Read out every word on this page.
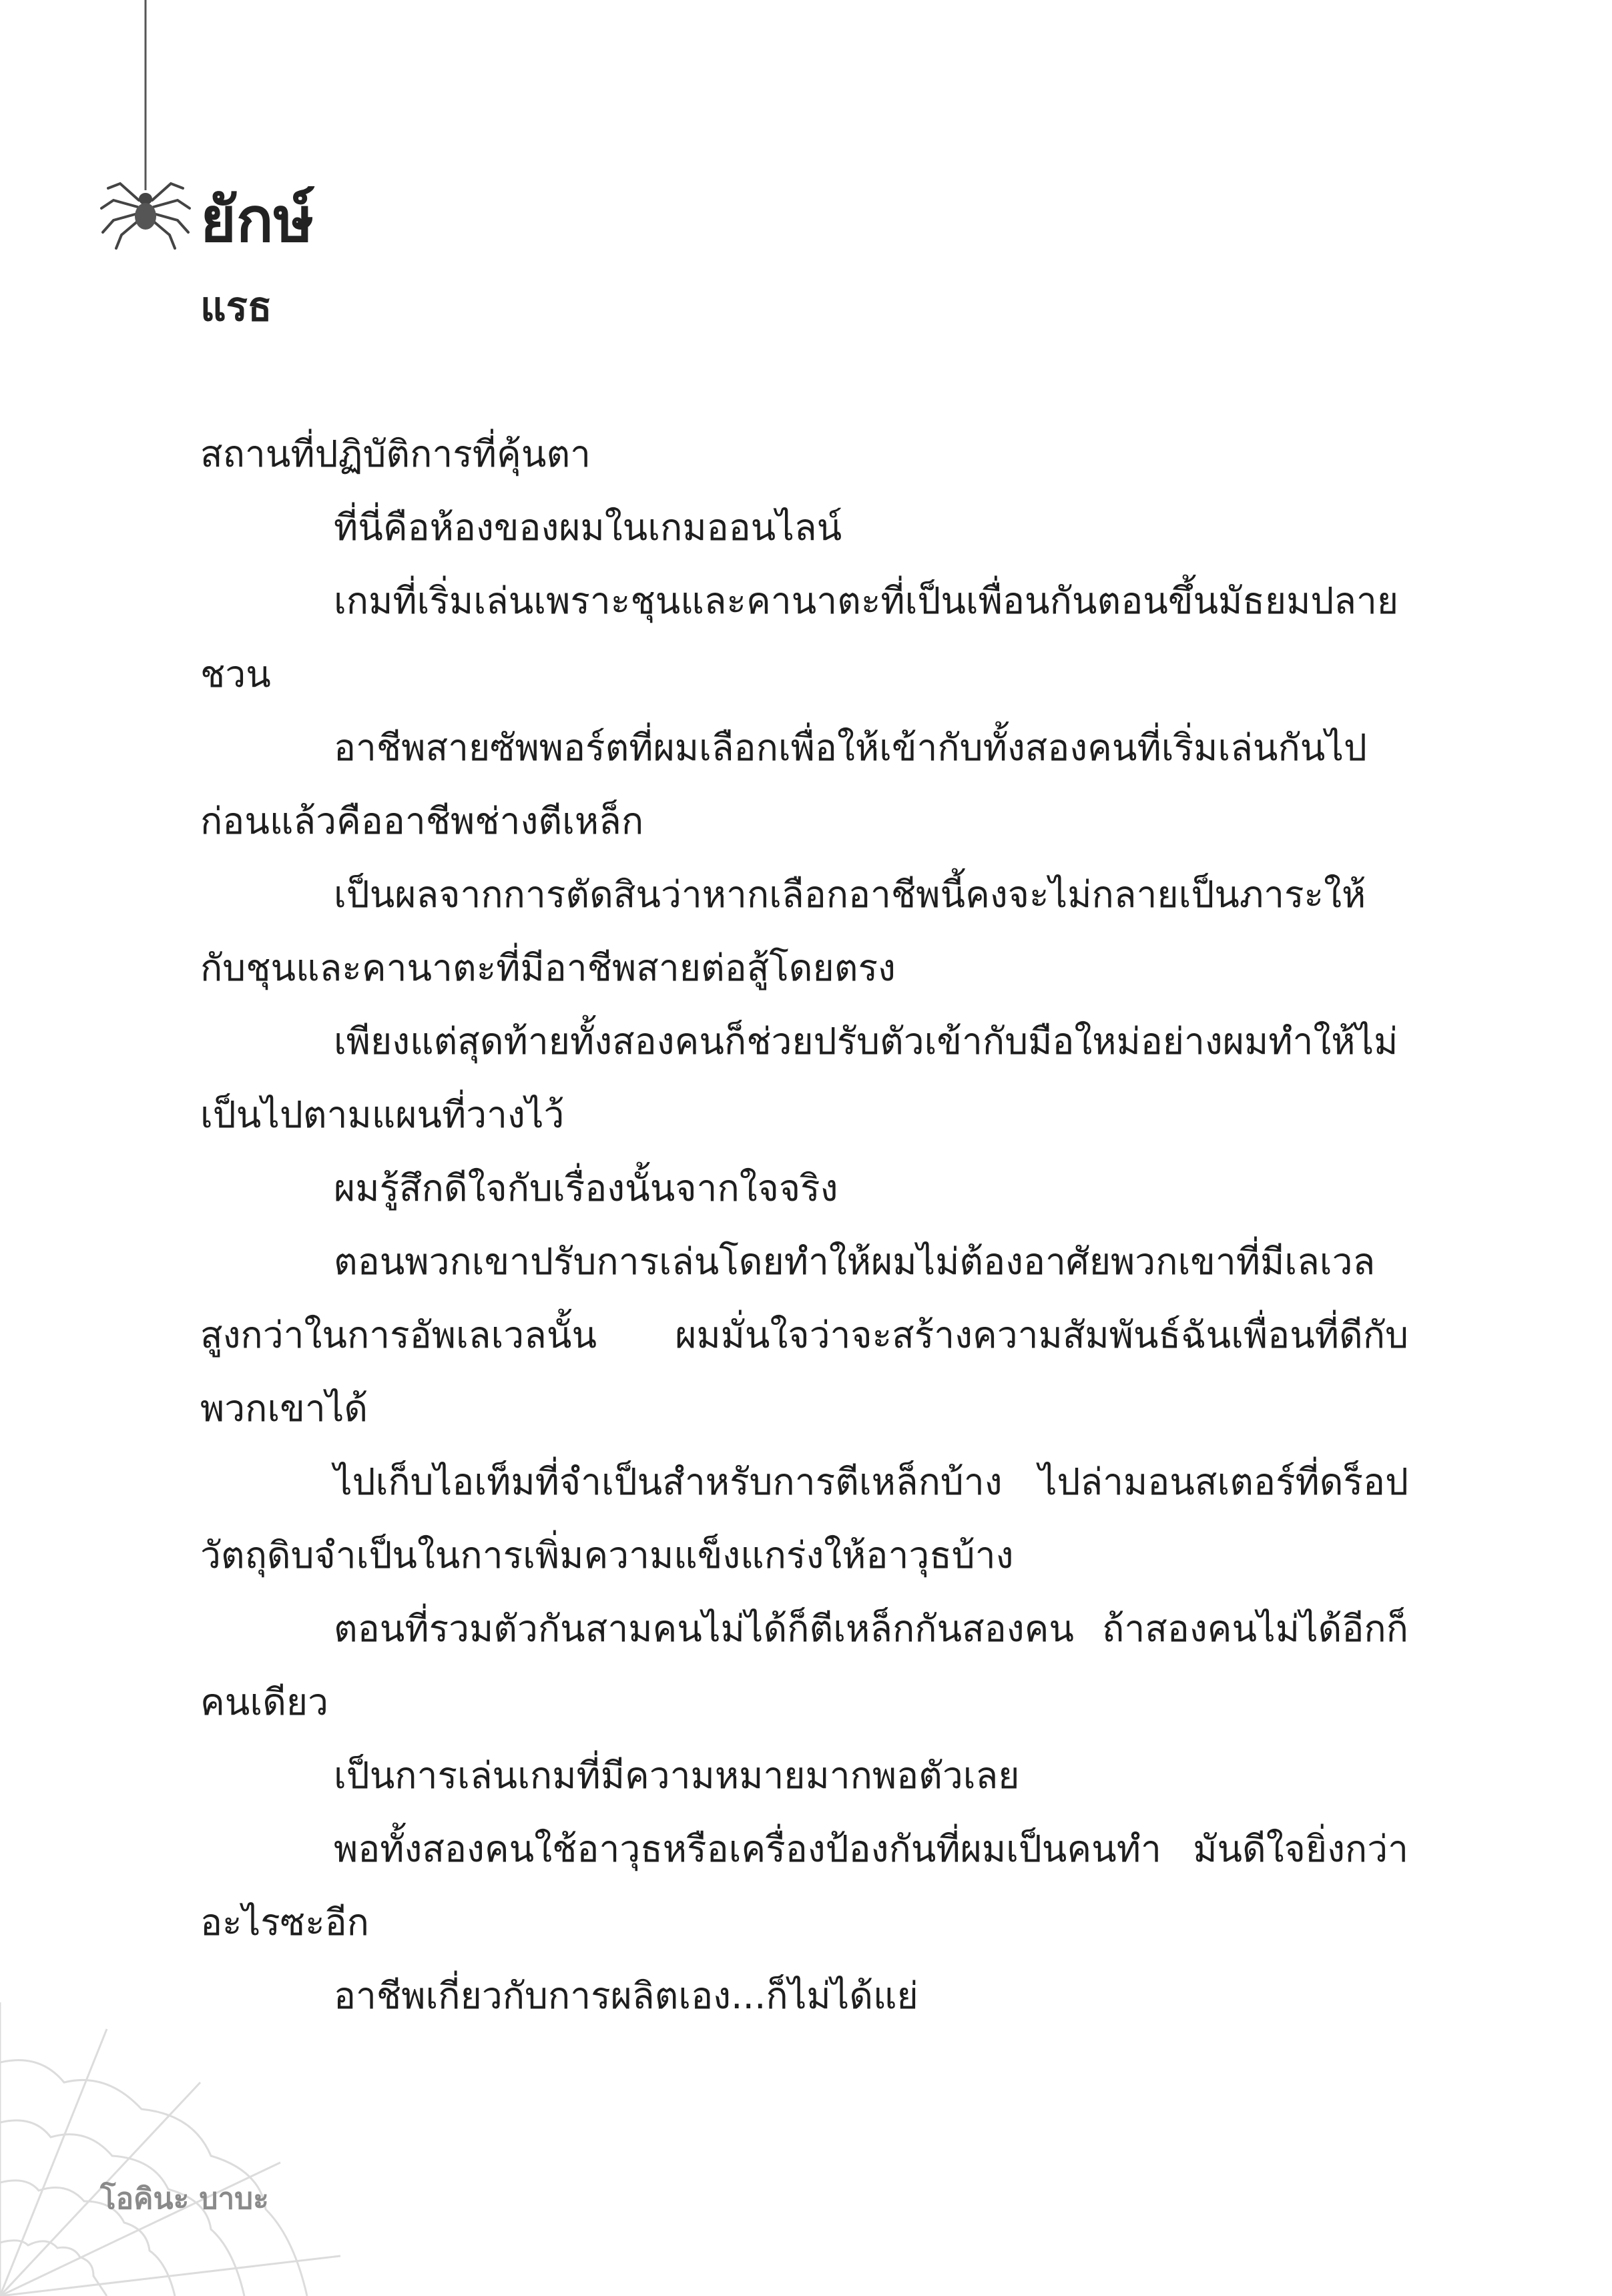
ยักษ์
แรธ

สถานที่ปฏิบัติการที่คุ้นตา

ที่นี่คือห้องของผมในเกมออนไลน์

เกมที่เริ่มเล่นเพราะชุนและคานาตะที่เป็นเพื่อนกันตอนขึ้นมัธยมปลายชวน

อาชีพสายซัพพอร์ตที่ผมเลือกเพื่อให้เข้ากับทั้งสองคนที่เริ่มเล่นกันไปก่อนแล้วคืออาชีพช่างตีเหล็ก

เป็นผลจากการตัดสินว่าหากเลือกอาชีพนี้คงจะไม่กลายเป็นภาระให้กับชุนและคานาตะที่มีอาชีพสายต่อสู้โดยตรง

เพียงแต่สุดท้ายทั้งสองคนก็ช่วยปรับตัวเข้ากับมือใหม่อย่างผมทำให้ไม่เป็นไปตามแผนที่วางไว้

ผมรู้สึกดีใจกับเรื่องนั้นจากใจจริง

ตอนพวกเขาปรับการเล่นโดยทำให้ผมไม่ต้องอาศัยพวกเขาที่มีเลเวลสูงกว่าในการอัพเลเวลนั้น ผมมั่นใจว่าจะสร้างความสัมพันธ์ฉันเพื่อนที่ดีกับพวกเขาได้

ไปเก็บไอเท็มที่จำเป็นสำหรับการตีเหล็กบ้าง ไปล่ามอนสเตอร์ที่ดร็อปวัตถุดิบจำเป็นในการเพิ่มความแข็งแกร่งให้อาวุธบ้าง

ตอนที่รวมตัวกันสามคนไม่ได้ก็ตีเหล็กกันสองคน ถ้าสองคนไม่ได้อีกก็คนเดียว

เป็นการเล่นเกมที่มีความหมายมากพอตัวเลย

พอทั้งสองคนใช้อาวุธหรือเครื่องป้องกันที่ผมเป็นคนทำ มันดีใจยิ่งกว่าอะไรซะอีก

อาชีพเกี่ยวกับการผลิตเอง...ก็ไม่ได้แย่

โอคินะ บาบะ
